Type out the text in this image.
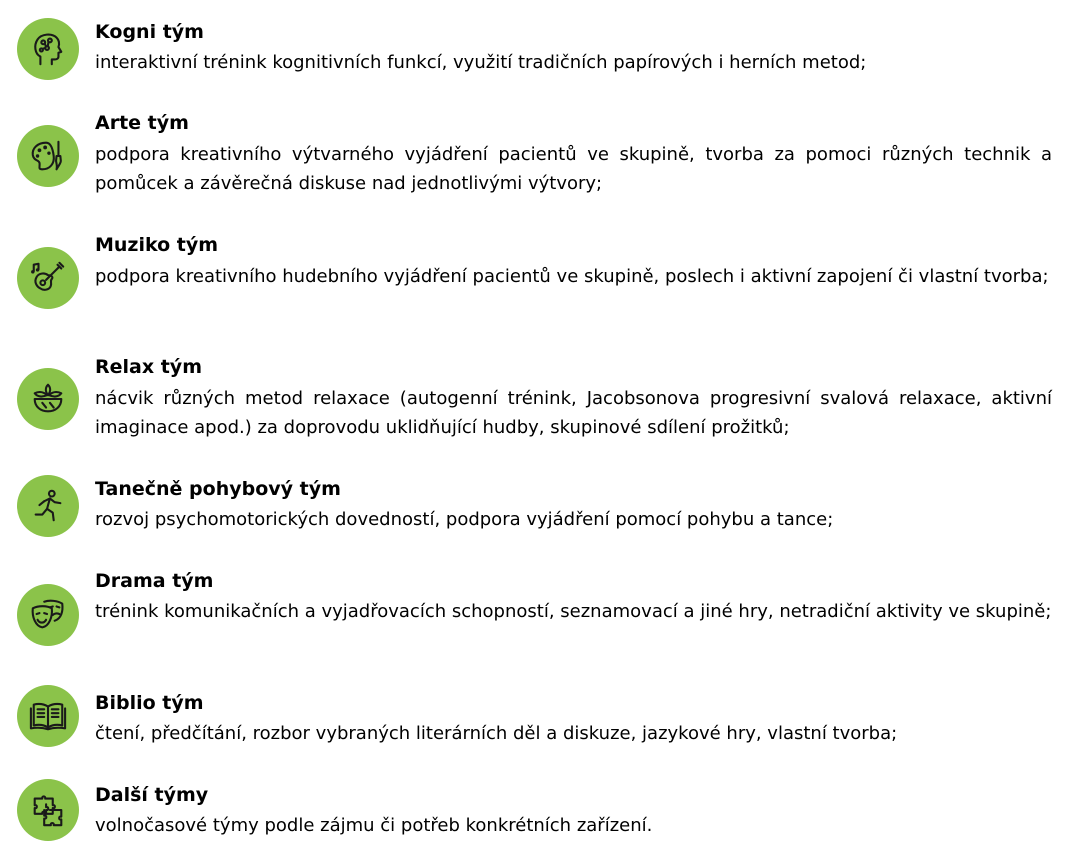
Kogni tým
interaktivní trénink kognitivních funkcí, využití tradičních papírových i herních metod;
Arte tým
podpora kreativního výtvarného vyjádření pacientů ve skupině, tvorba za pomoci různých technik a pomůcek a závěrečná diskuse nad jednotlivými výtvory;
Muziko tým
podpora kreativního hudebního vyjádření pacientů ve skupině, poslech i aktivní zapojení či vlastní tvorba;
Relax tým
nácvik různých metod relaxace (autogenní trénink, Jacobsonova progresivní svalová relaxace, aktivní imaginace apod.) za doprovodu uklidňující hudby, skupinové sdílení prožitků;
Tanečně pohybový tým
rozvoj psychomotorických dovedností, podpora vyjádření pomocí pohybu a tance;
Drama tým
trénink komunikačních a vyjadřovacích schopností, seznamovací a jiné hry, netradiční aktivity ve skupině;
Biblio tým
čtení, předčítání, rozbor vybraných literárních děl a diskuze, jazykové hry, vlastní tvorba;
Další týmy
volnočasové týmy podle zájmu či potřeb konkrétních zařízení.
